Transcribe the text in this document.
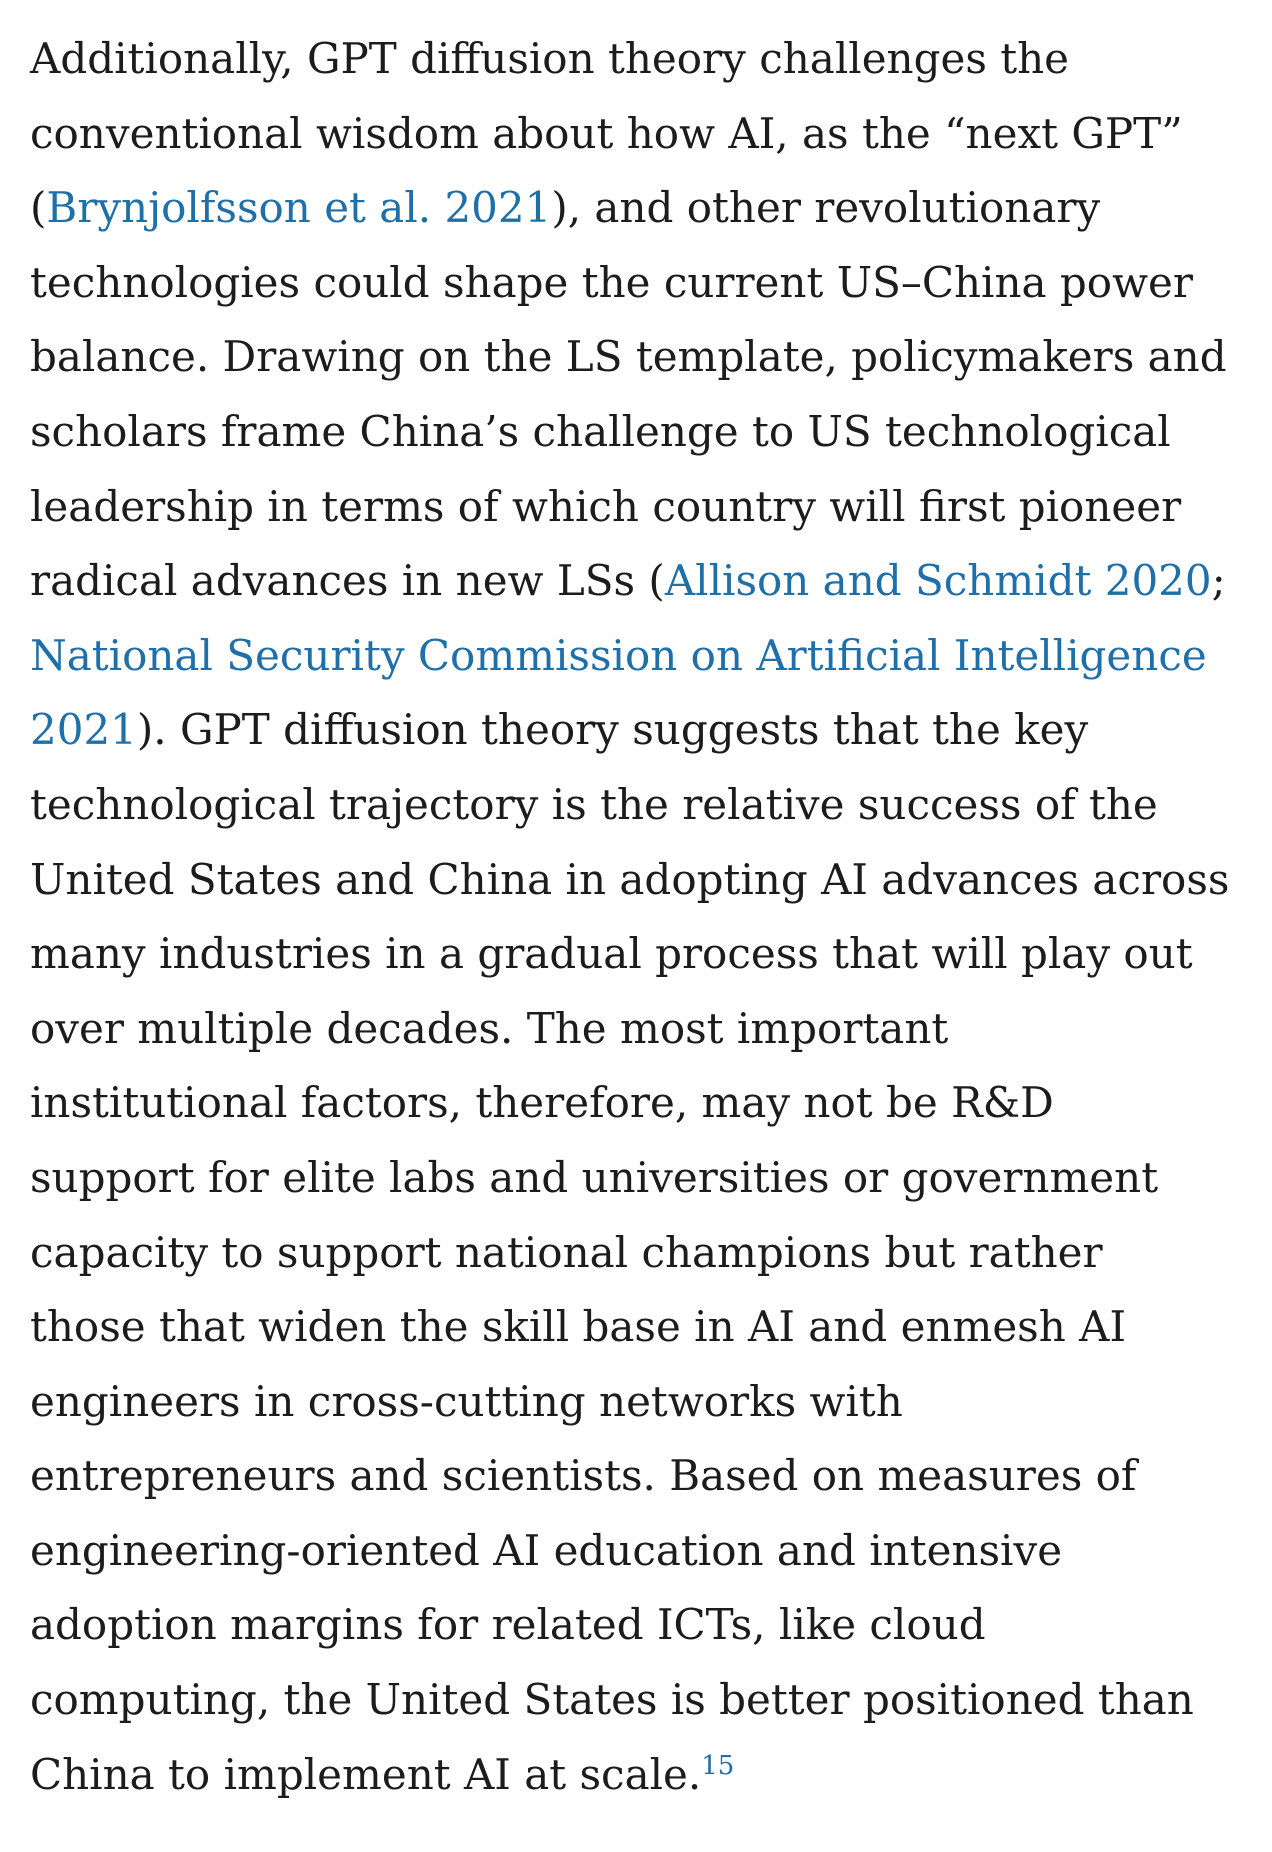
Additionally, GPT diffusion theory challenges the
conventional wisdom about how AI, as the “next GPT”
(Brynjolfsson et al. 2021), and other revolutionary
technologies could shape the current US–China power
balance. Drawing on the LS template, policymakers and
scholars frame China’s challenge to US technological
leadership in terms of which country will first pioneer
radical advances in new LSs (Allison and Schmidt 2020;
National Security Commission on Artificial Intelligence
2021). GPT diffusion theory suggests that the key
technological trajectory is the relative success of the
United States and China in adopting AI advances across
many industries in a gradual process that will play out
over multiple decades. The most important
institutional factors, therefore, may not be R&D
support for elite labs and universities or government
capacity to support national champions but rather
those that widen the skill base in AI and enmesh AI
engineers in cross-cutting networks with
entrepreneurs and scientists. Based on measures of
engineering-oriented AI education and intensive
adoption margins for related ICTs, like cloud
computing, the United States is better positioned than
China to implement AI at scale.$^{15}$
